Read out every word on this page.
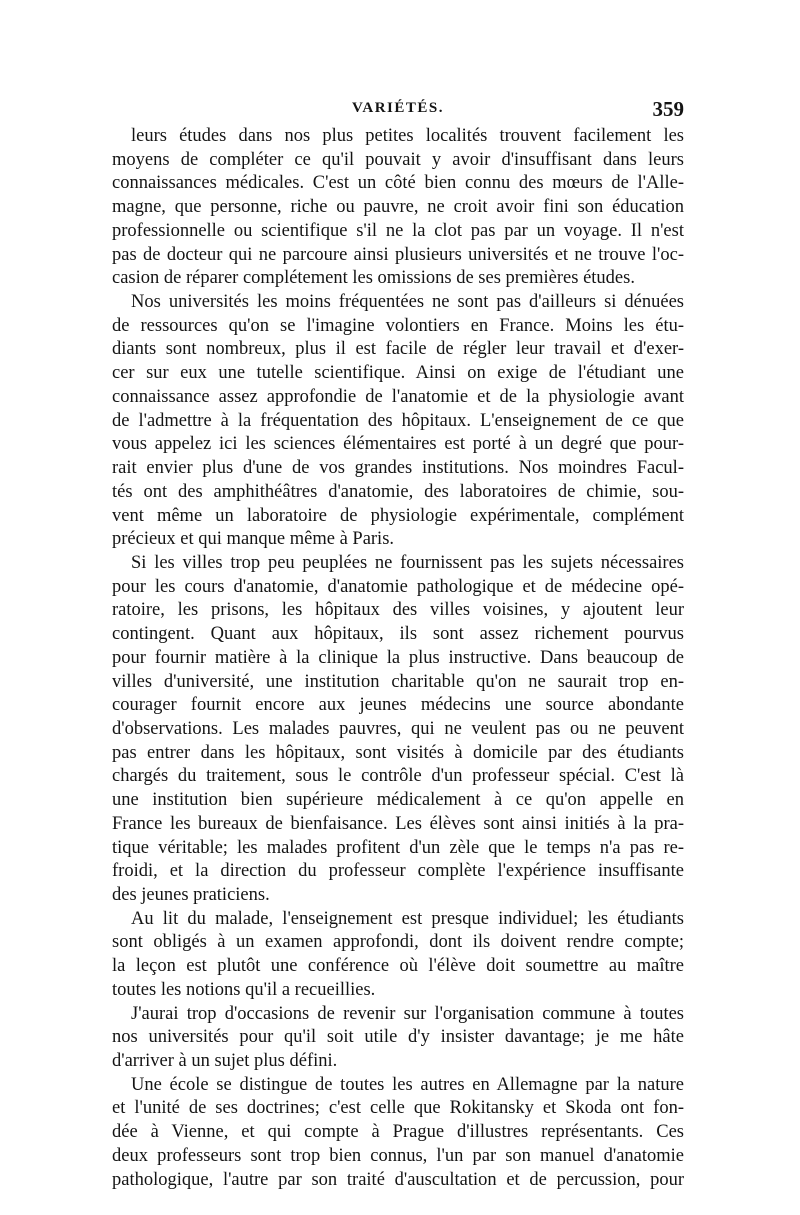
VARIÉTÉS.	359
leurs études dans nos plus petites localités trouvent facilement les
moyens de compléter ce qu'il pouvait y avoir d'insuffisant dans leurs
connaissances médicales. C'est un côté bien connu des mœurs de l'Alle-
magne, que personne, riche ou pauvre, ne croit avoir fini son éducation
professionnelle ou scientifique s'il ne la clot pas par un voyage. Il n'est
pas de docteur qui ne parcoure ainsi plusieurs universités et ne trouve l'oc-
casion de réparer complétement les omissions de ses premières études.
Nos universités les moins fréquentées ne sont pas d'ailleurs si dénuées
de ressources qu'on se l'imagine volontiers en France. Moins les étu-
diants sont nombreux, plus il est facile de régler leur travail et d'exer-
cer sur eux une tutelle scientifique. Ainsi on exige de l'étudiant une
connaissance assez approfondie de l'anatomie et de la physiologie avant
de l'admettre à la fréquentation des hôpitaux. L'enseignement de ce que
vous appelez ici les sciences élémentaires est porté à un degré que pour-
rait envier plus d'une de vos grandes institutions. Nos moindres Facul-
tés ont des amphithéâtres d'anatomie, des laboratoires de chimie, sou-
vent même un laboratoire de physiologie expérimentale, complément
précieux et qui manque même à Paris.
Si les villes trop peu peuplées ne fournissent pas les sujets nécessaires
pour les cours d'anatomie, d'anatomie pathologique et de médecine opé-
ratoire, les prisons, les hôpitaux des villes voisines, y ajoutent leur
contingent. Quant aux hôpitaux, ils sont assez richement pourvus
pour fournir matière à la clinique la plus instructive. Dans beaucoup de
villes d'université, une institution charitable qu'on ne saurait trop en-
courager fournit encore aux jeunes médecins une source abondante
d'observations. Les malades pauvres, qui ne veulent pas ou ne peuvent
pas entrer dans les hôpitaux, sont visités à domicile par des étudiants
chargés du traitement, sous le contrôle d'un professeur spécial. C'est là
une institution bien supérieure médicalement à ce qu'on appelle en
France les bureaux de bienfaisance. Les élèves sont ainsi initiés à la pra-
tique véritable; les malades profitent d'un zèle que le temps n'a pas re-
froidi, et la direction du professeur complète l'expérience insuffisante
des jeunes praticiens.
Au lit du malade, l'enseignement est presque individuel; les étudiants
sont obligés à un examen approfondi, dont ils doivent rendre compte;
la leçon est plutôt une conférence où l'élève doit soumettre au maître
toutes les notions qu'il a recueillies.
J'aurai trop d'occasions de revenir sur l'organisation commune à toutes
nos universités pour qu'il soit utile d'y insister davantage; je me hâte
d'arriver à un sujet plus défini.
Une école se distingue de toutes les autres en Allemagne par la nature
et l'unité de ses doctrines; c'est celle que Rokitansky et Skoda ont fon-
dée à Vienne, et qui compte à Prague d'illustres représentants. Ces
deux professeurs sont trop bien connus, l'un par son manuel d'anatomie
pathologique, l'autre par son traité d'auscultation et de percussion, pour
